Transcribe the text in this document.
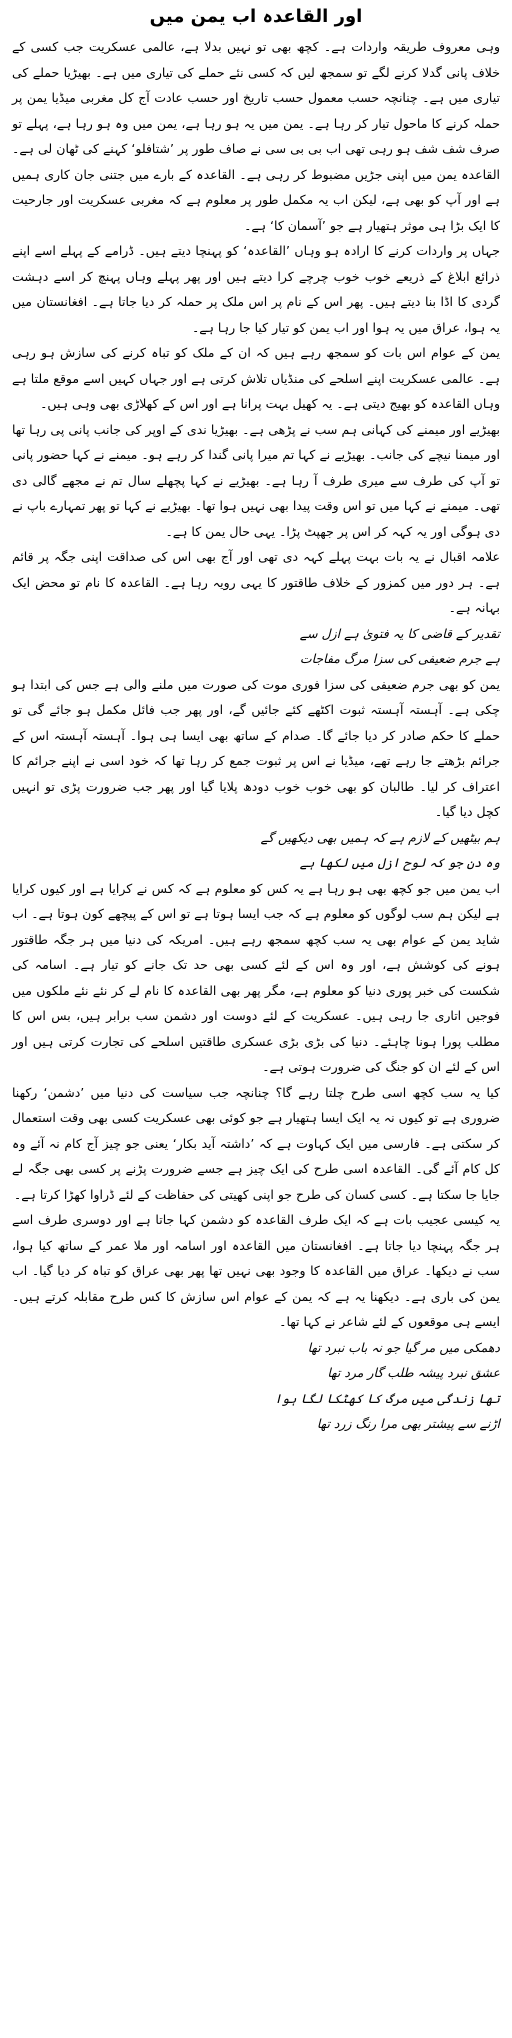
اور القاعدہ اب یمن میں

وہی معروف طریقہ واردات ہے۔ کچھ بھی تو نہیں بدلا ہے، عالمی عسکریت جب کسی کے خلاف پانی گدلا کرنے لگے تو سمجھ لیں کہ کسی نئے حملے کی تیاری میں ہے۔ بھیڑیا حملے کی تیاری میں ہے۔ چنانچہ حسب معمول حسب تاریخ اور حسب عادت آج کل مغربی میڈیا یمن پر حملہ کرنے کا ماحول تیار کر رہا ہے۔ یمن میں یہ ہو رہا ہے، یمن میں وہ ہو رہا ہے، پہلے تو صرف شف شف ہو رہی تھی اب بی بی سی نے صاف طور پر ’شتافلو‘ کہنے کی ٹھان لی ہے۔ القاعدہ یمن میں اپنی جڑیں مضبوط کر رہی ہے۔ القاعدہ کے بارے میں جتنی جان کاری ہمیں ہے اور آپ کو بھی ہے، لیکن اب یہ مکمل طور پر معلوم ہے کہ مغربی عسکریت اور جارحیت کا ایک بڑا ہی موثر ہتھیار ہے جو ’آسمان کا‘ ہے۔

جہاں پر واردات کرنے کا ارادہ ہو وہاں ’القاعدہ‘ کو پہنچا دیتے ہیں۔ ڈرامے کے پہلے اسے اپنے ذرائع ابلاغ کے ذریعے خوب خوب چرچے کرا دیتے ہیں اور پھر پہلے وہاں پہنچ کر اسے دہشت گردی کا اڈا بنا دیتے ہیں۔ پھر اس کے نام پر اس ملک پر حملہ کر دیا جاتا ہے۔ افغانستان میں یہ ہوا، عراق میں یہ ہوا اور اب یمن کو تیار کیا جا رہا ہے۔

یمن کے عوام اس بات کو سمجھ رہے ہیں کہ ان کے ملک کو تباہ کرنے کی سازش ہو رہی ہے۔ عالمی عسکریت اپنے اسلحے کی منڈیاں تلاش کرتی ہے اور جہاں کہیں اسے موقع ملتا ہے وہاں القاعدہ کو بھیج دیتی ہے۔ یہ کھیل بہت پرانا ہے اور اس کے کھلاڑی بھی وہی ہیں۔

بھیڑیے اور میمنے کی کہانی ہم سب نے پڑھی ہے۔ بھیڑیا ندی کے اوپر کی جانب پانی پی رہا تھا اور میمنا نیچے کی جانب۔ بھیڑیے نے کہا تم میرا پانی گندا کر رہے ہو۔ میمنے نے کہا حضور پانی تو آپ کی طرف سے میری طرف آ رہا ہے۔ بھیڑیے نے کہا پچھلے سال تم نے مجھے گالی دی تھی۔ میمنے نے کہا میں تو اس وقت پیدا بھی نہیں ہوا تھا۔ بھیڑیے نے کہا تو پھر تمہارے باپ نے دی ہوگی اور یہ کہہ کر اس پر جھپٹ پڑا۔ یہی حال یمن کا ہے۔

علامہ اقبال نے یہ بات بہت پہلے کہہ دی تھی اور آج بھی اس کی صداقت اپنی جگہ پر قائم ہے۔ ہر دور میں کمزور کے خلاف طاقتور کا یہی رویہ رہا ہے۔ القاعدہ کا نام تو محض ایک بہانہ ہے۔

تقدیر کے قاضی کا یہ فتویٰ ہے ازل سے
ہے جرم ضعیفی کی سزا مرگ مفاجات

یمن کو بھی جرم ضعیفی کی سزا فوری موت کی صورت میں ملنے والی ہے جس کی ابتدا ہو چکی ہے۔ آہستہ آہستہ ثبوت اکٹھے کئے جائیں گے، اور پھر جب فائل مکمل ہو جائے گی تو حملے کا حکم صادر کر دیا جائے گا۔ صدام کے ساتھ بھی ایسا ہی ہوا۔ آہستہ آہستہ اس کے جرائم بڑھتے جا رہے تھے، میڈیا نے اس پر ثبوت جمع کر رہا تھا کہ خود اسی نے اپنے جرائم کا اعتراف کر لیا۔ طالبان کو بھی خوب خوب دودھ پلایا گیا اور پھر جب ضرورت پڑی تو انہیں کچل دیا گیا۔

ہم بیٹھیں کے لازم ہے کہ ہمیں بھی دیکھیں گے
وہ دن جو کہ لوح ازل میں لکھا ہے

اب یمن میں جو کچھ بھی ہو رہا ہے یہ کس کو معلوم ہے کہ کس نے کرایا ہے اور کیوں کرایا ہے لیکن ہم سب لوگوں کو معلوم ہے کہ جب ایسا ہوتا ہے تو اس کے پیچھے کون ہوتا ہے۔ اب شاید یمن کے عوام بھی یہ سب کچھ سمجھ رہے ہیں۔ امریکہ کی دنیا میں ہر جگہ طاقتور ہونے کی کوشش ہے، اور وہ اس کے لئے کسی بھی حد تک جانے کو تیار ہے۔ اسامہ کی شکست کی خبر پوری دنیا کو معلوم ہے، مگر پھر بھی القاعدہ کا نام لے کر نئے نئے ملکوں میں فوجیں اتاری جا رہی ہیں۔ عسکریت کے لئے دوست اور دشمن سب برابر ہیں، بس اس کا مطلب پورا ہونا چاہئے۔ دنیا کی بڑی بڑی عسکری طاقتیں اسلحے کی تجارت کرتی ہیں اور اس کے لئے ان کو جنگ کی ضرورت ہوتی ہے۔

کیا یہ سب کچھ اسی طرح چلتا رہے گا؟ چنانچہ جب سیاست کی دنیا میں ’دشمن‘ رکھنا ضروری ہے تو کیوں نہ یہ ایک ایسا ہتھیار ہے جو کوئی بھی عسکریت کسی بھی وقت استعمال کر سکتی ہے۔ فارسی میں ایک کہاوت ہے کہ ’داشتہ آید بکار‘ یعنی جو چیز آج کام نہ آئے وہ کل کام آئے گی۔ القاعدہ اسی طرح کی ایک چیز ہے جسے ضرورت پڑنے پر کسی بھی جگہ لے جایا جا سکتا ہے۔ کسی کسان کی طرح جو اپنی کھیتی کی حفاظت کے لئے ڈراوا کھڑا کرتا ہے۔

یہ کیسی عجیب بات ہے کہ ایک طرف القاعدہ کو دشمن کہا جاتا ہے اور دوسری طرف اسے ہر جگہ پہنچا دیا جاتا ہے۔ افغانستان میں القاعدہ اور اسامہ اور ملا عمر کے ساتھ کیا ہوا، سب نے دیکھا۔ عراق میں القاعدہ کا وجود بھی نہیں تھا پھر بھی عراق کو تباہ کر دیا گیا۔ اب یمن کی باری ہے۔ دیکھنا یہ ہے کہ یمن کے عوام اس سازش کا کس طرح مقابلہ کرتے ہیں۔ ایسے ہی موقعوں کے لئے شاعر نے کہا تھا۔

دھمکی میں مر گیا جو نہ باب نبرد تھا
عشق نبرد پیشہ طلب گار مرد تھا
تھا زندگی میں مرگ کا کھٹکا لگا ہوا
اڑنے سے پیشتر بھی مرا رنگ زرد تھا
